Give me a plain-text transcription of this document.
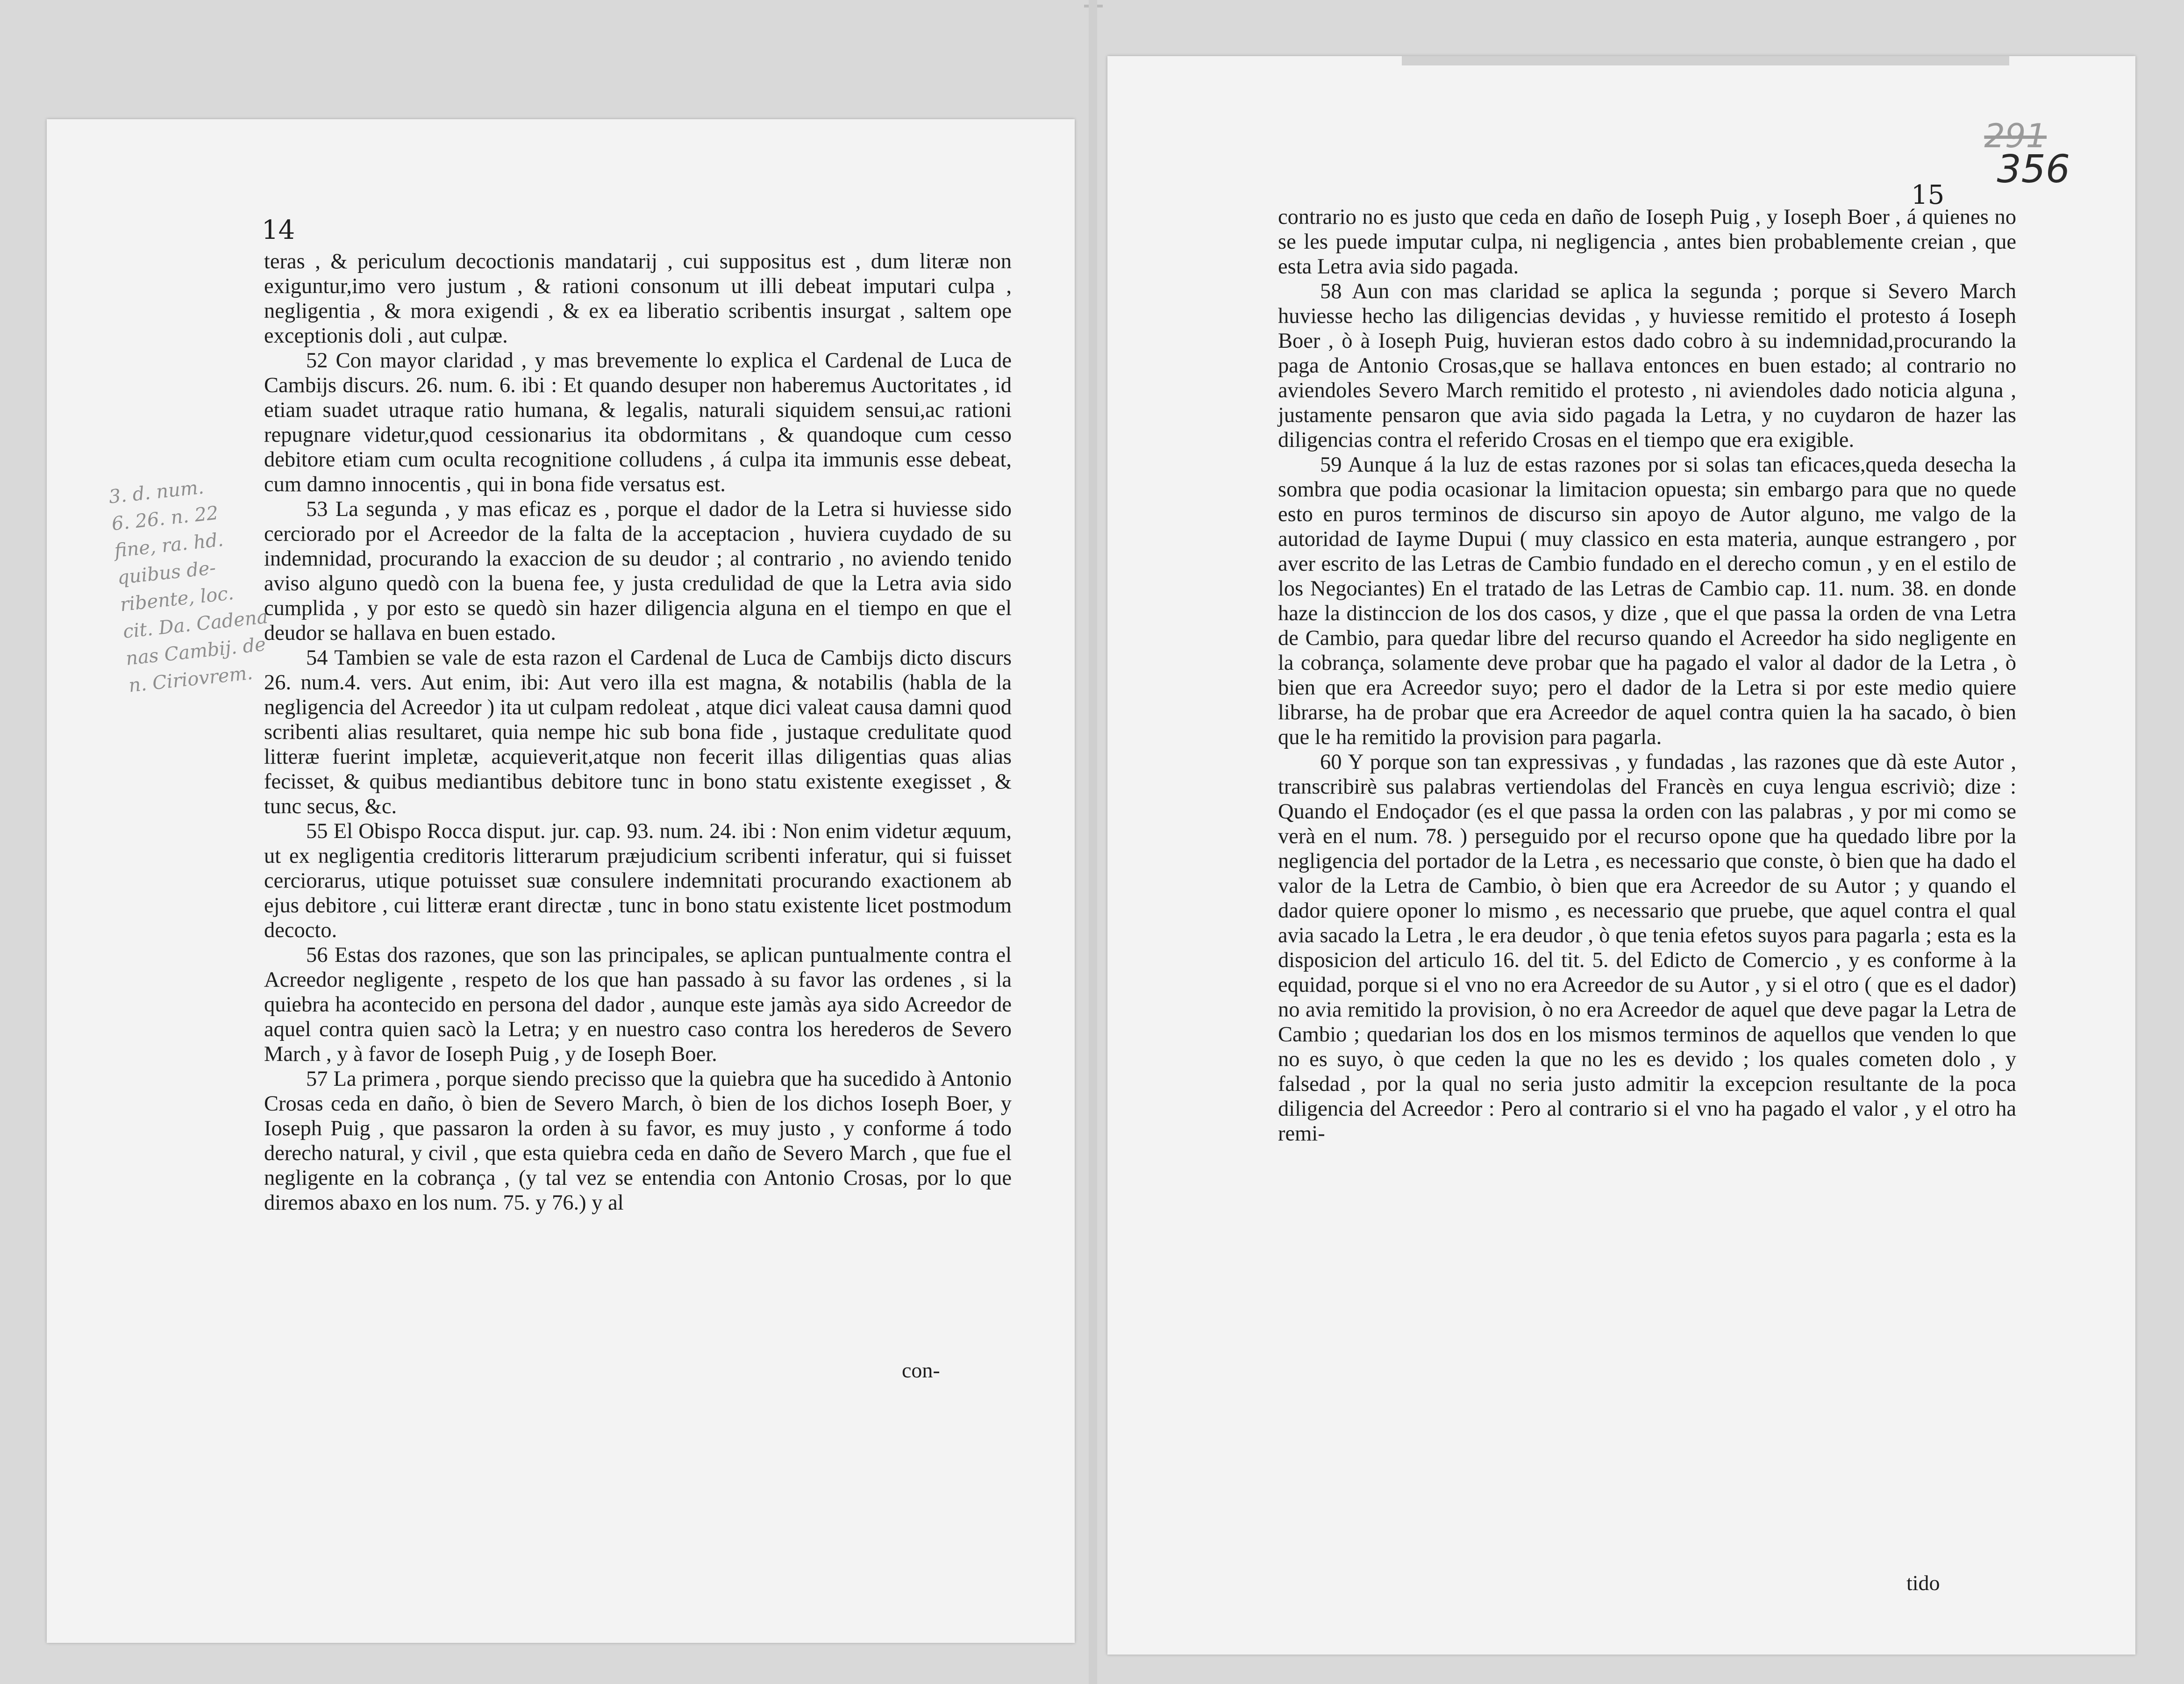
14
3. d. num.
6. 26. n. 22
fine, ra. hd.
quibus de-
ribente, loc.
cit. Da. Cadena
nas Cambij. de
n. Ciriovrem.

teras , & periculum decoctionis mandatarij , cui suppositus est , dum literæ non exiguntur,imo vero justum , & rationi consonum ut illi debeat imputari culpa , negligentia , & mora exigendi , & ex ea liberatio scribentis insurgat , saltem ope exceptionis doli , aut culpæ.

52 Con mayor claridad , y mas brevemente lo explica el Cardenal de Luca de Cambijs discurs. 26. num. 6. ibi : Et quando desuper non haberemus Auctoritates , id etiam suadet utraque ratio humana, & legalis, naturali siquidem sensui,ac rationi repugnare videtur,quod cessionarius ita obdormitans , & quandoque cum cesso debitore etiam cum oculta recognitione colludens , á culpa ita immunis esse debeat, cum damno innocentis , qui in bona fide versatus est.

53 La segunda , y mas eficaz es , porque el dador de la Letra si huviesse sido cerciorado por el Acreedor de la falta de la acceptacion , huviera cuydado de su indemnidad, procurando la exaccion de su deudor ; al contrario , no aviendo tenido aviso alguno quedò con la buena fee, y justa credulidad de que la Letra avia sido cumplida , y por esto se quedò sin hazer diligencia alguna en el tiempo en que el deudor se hallava en buen estado.

54 Tambien se vale de esta razon el Cardenal de Luca de Cambijs dicto discurs 26. num.4. vers. Aut enim, ibi: Aut vero illa est magna, & notabilis (habla de la negligencia del Acreedor ) ita ut culpam redoleat , atque dici valeat causa damni quod scribenti alias resultaret, quia nempe hic sub bona fide , justaque credulitate quod litteræ fuerint impletæ, acquieverit,atque non fecerit illas diligentias quas alias fecisset, & quibus mediantibus debitore tunc in bono statu existente exegisset , & tunc secus, &c.

55 El Obispo Rocca disput. jur. cap. 93. num. 24. ibi : Non enim videtur æquum, ut ex negligentia creditoris litterarum præjudicium scribenti inferatur, qui si fuisset cerciorarus, utique potuisset suæ consulere indemnitati procurando exactionem ab ejus debitore , cui litteræ erant directæ , tunc in bono statu existente licet postmodum decocto.

56 Estas dos razones, que son las principales, se aplican puntualmente contra el Acreedor negligente , respeto de los que han passado à su favor las ordenes , si la quiebra ha acontecido en persona del dador , aunque este jamàs aya sido Acreedor de aquel contra quien sacò la Letra; y en nuestro caso contra los herederos de Severo March , y à favor de Ioseph Puig , y de Ioseph Boer.

57 La primera , porque siendo precisso que la quiebra que ha sucedido à Antonio Crosas ceda en daño, ò bien de Severo March, ò bien de los dichos Ioseph Boer, y Ioseph Puig , que passaron la orden à su favor, es muy justo , y conforme á todo derecho natural, y civil , que esta quiebra ceda en daño de Severo March , que fue el negligente en la cobrança , (y tal vez se entendia con Antonio Crosas, por lo que diremos abaxo en los num. 75. y 76.) y al

con-
291
356
15

contrario no es justo que ceda en daño de Ioseph Puig , y Ioseph Boer , á quienes no se les puede imputar culpa, ni negligencia , antes bien probablemente creian , que esta Letra avia sido pagada.

58 Aun con mas claridad se aplica la segunda ; porque si Severo March huviesse hecho las diligencias devidas , y huviesse remitido el protesto á Ioseph Boer , ò à Ioseph Puig, huvieran estos dado cobro à su indemnidad,procurando la paga de Antonio Crosas,que se hallava entonces en buen estado; al contrario no aviendoles Severo March remitido el protesto , ni aviendoles dado noticia alguna , justamente pensaron que avia sido pagada la Letra, y no cuydaron de hazer las diligencias contra el referido Crosas en el tiempo que era exigible.

59 Aunque á la luz de estas razones por si solas tan eficaces,queda desecha la sombra que podia ocasionar la limitacion opuesta; sin embargo para que no quede esto en puros terminos de discurso sin apoyo de Autor alguno, me valgo de la autoridad de Iayme Dupui ( muy classico en esta materia, aunque estrangero , por aver escrito de las Letras de Cambio fundado en el derecho comun , y en el estilo de los Negociantes) En el tratado de las Letras de Cambio cap. 11. num. 38. en donde haze la distinccion de los dos casos, y dize , que el que passa la orden de vna Letra de Cambio, para quedar libre del recurso quando el Acreedor ha sido negligente en la cobrança, solamente deve probar que ha pagado el valor al dador de la Letra , ò bien que era Acreedor suyo; pero el dador de la Letra si por este medio quiere librarse, ha de probar que era Acreedor de aquel contra quien la ha sacado, ò bien que le ha remitido la provision para pagarla.

60 Y porque son tan expressivas , y fundadas , las razones que dà este Autor , transcribirè sus palabras vertiendolas del Francès en cuya lengua escriviò; dize : Quando el Endoçador (es el que passa la orden con las palabras , y por mi como se verà en el num. 78. ) perseguido por el recurso opone que ha quedado libre por la negligencia del portador de la Letra , es necessario que conste, ò bien que ha dado el valor de la Letra de Cambio, ò bien que era Acreedor de su Autor ; y quando el dador quiere oponer lo mismo , es necessario que pruebe, que aquel contra el qual avia sacado la Letra , le era deudor , ò que tenia efetos suyos para pagarla ; esta es la disposicion del articulo 16. del tit. 5. del Edicto de Comercio , y es conforme à la equidad, porque si el vno no era Acreedor de su Autor , y si el otro ( que es el dador) no avia remitido la provision, ò no era Acreedor de aquel que deve pagar la Letra de Cambio ; quedarian los dos en los mismos terminos de aquellos que venden lo que no es suyo, ò que ceden la que no les es devido ; los quales cometen dolo , y falsedad , por la qual no seria justo admitir la excepcion resultante de la poca diligencia del Acreedor : Pero al contrario si el vno ha pagado el valor , y el otro ha remi-

tido
